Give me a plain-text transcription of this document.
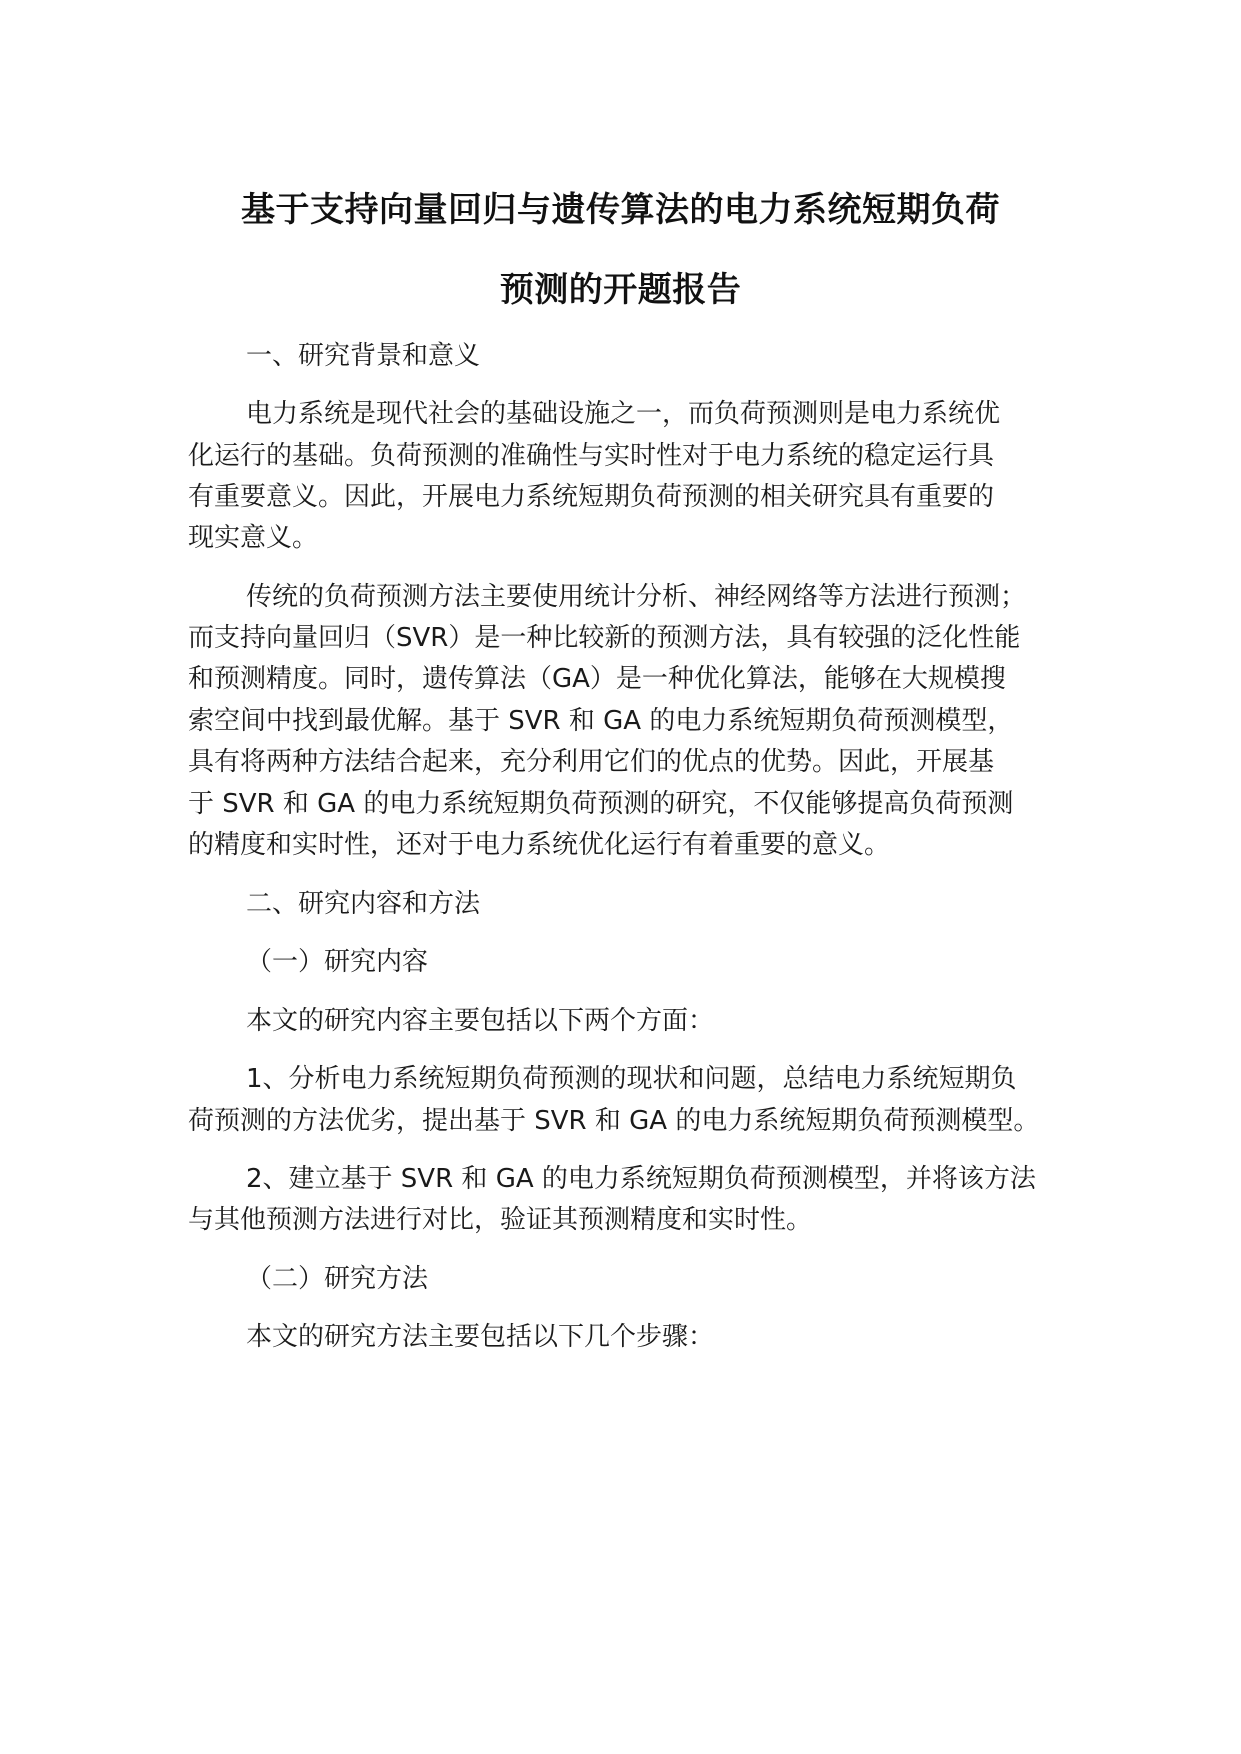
基于支持向量回归与遗传算法的电力系统短期负荷
预测的开题报告

一、研究背景和意义

电力系统是现代社会的基础设施之一，而负荷预测则是电力系统优

化运行的基础。负荷预测的准确性与实时性对于电力系统的稳定运行具

有重要意义。因此，开展电力系统短期负荷预测的相关研究具有重要的

现实意义。

传统的负荷预测方法主要使用统计分析、神经网络等方法进行预测；

而支持向量回归（SVR）是一种比较新的预测方法，具有较强的泛化性能

和预测精度。同时，遗传算法（GA）是一种优化算法，能够在大规模搜

索空间中找到最优解。基于 SVR 和 GA 的电力系统短期负荷预测模型，

具有将两种方法结合起来，充分利用它们的优点的优势。因此，开展基

于 SVR 和 GA 的电力系统短期负荷预测的研究，不仅能够提高负荷预测

的精度和实时性，还对于电力系统优化运行有着重要的意义。

二、研究内容和方法

（一）研究内容

本文的研究内容主要包括以下两个方面：

1、分析电力系统短期负荷预测的现状和问题，总结电力系统短期负

荷预测的方法优劣，提出基于 SVR 和 GA 的电力系统短期负荷预测模型。

2、建立基于 SVR 和 GA 的电力系统短期负荷预测模型，并将该方法

与其他预测方法进行对比，验证其预测精度和实时性。

（二）研究方法

本文的研究方法主要包括以下几个步骤：
